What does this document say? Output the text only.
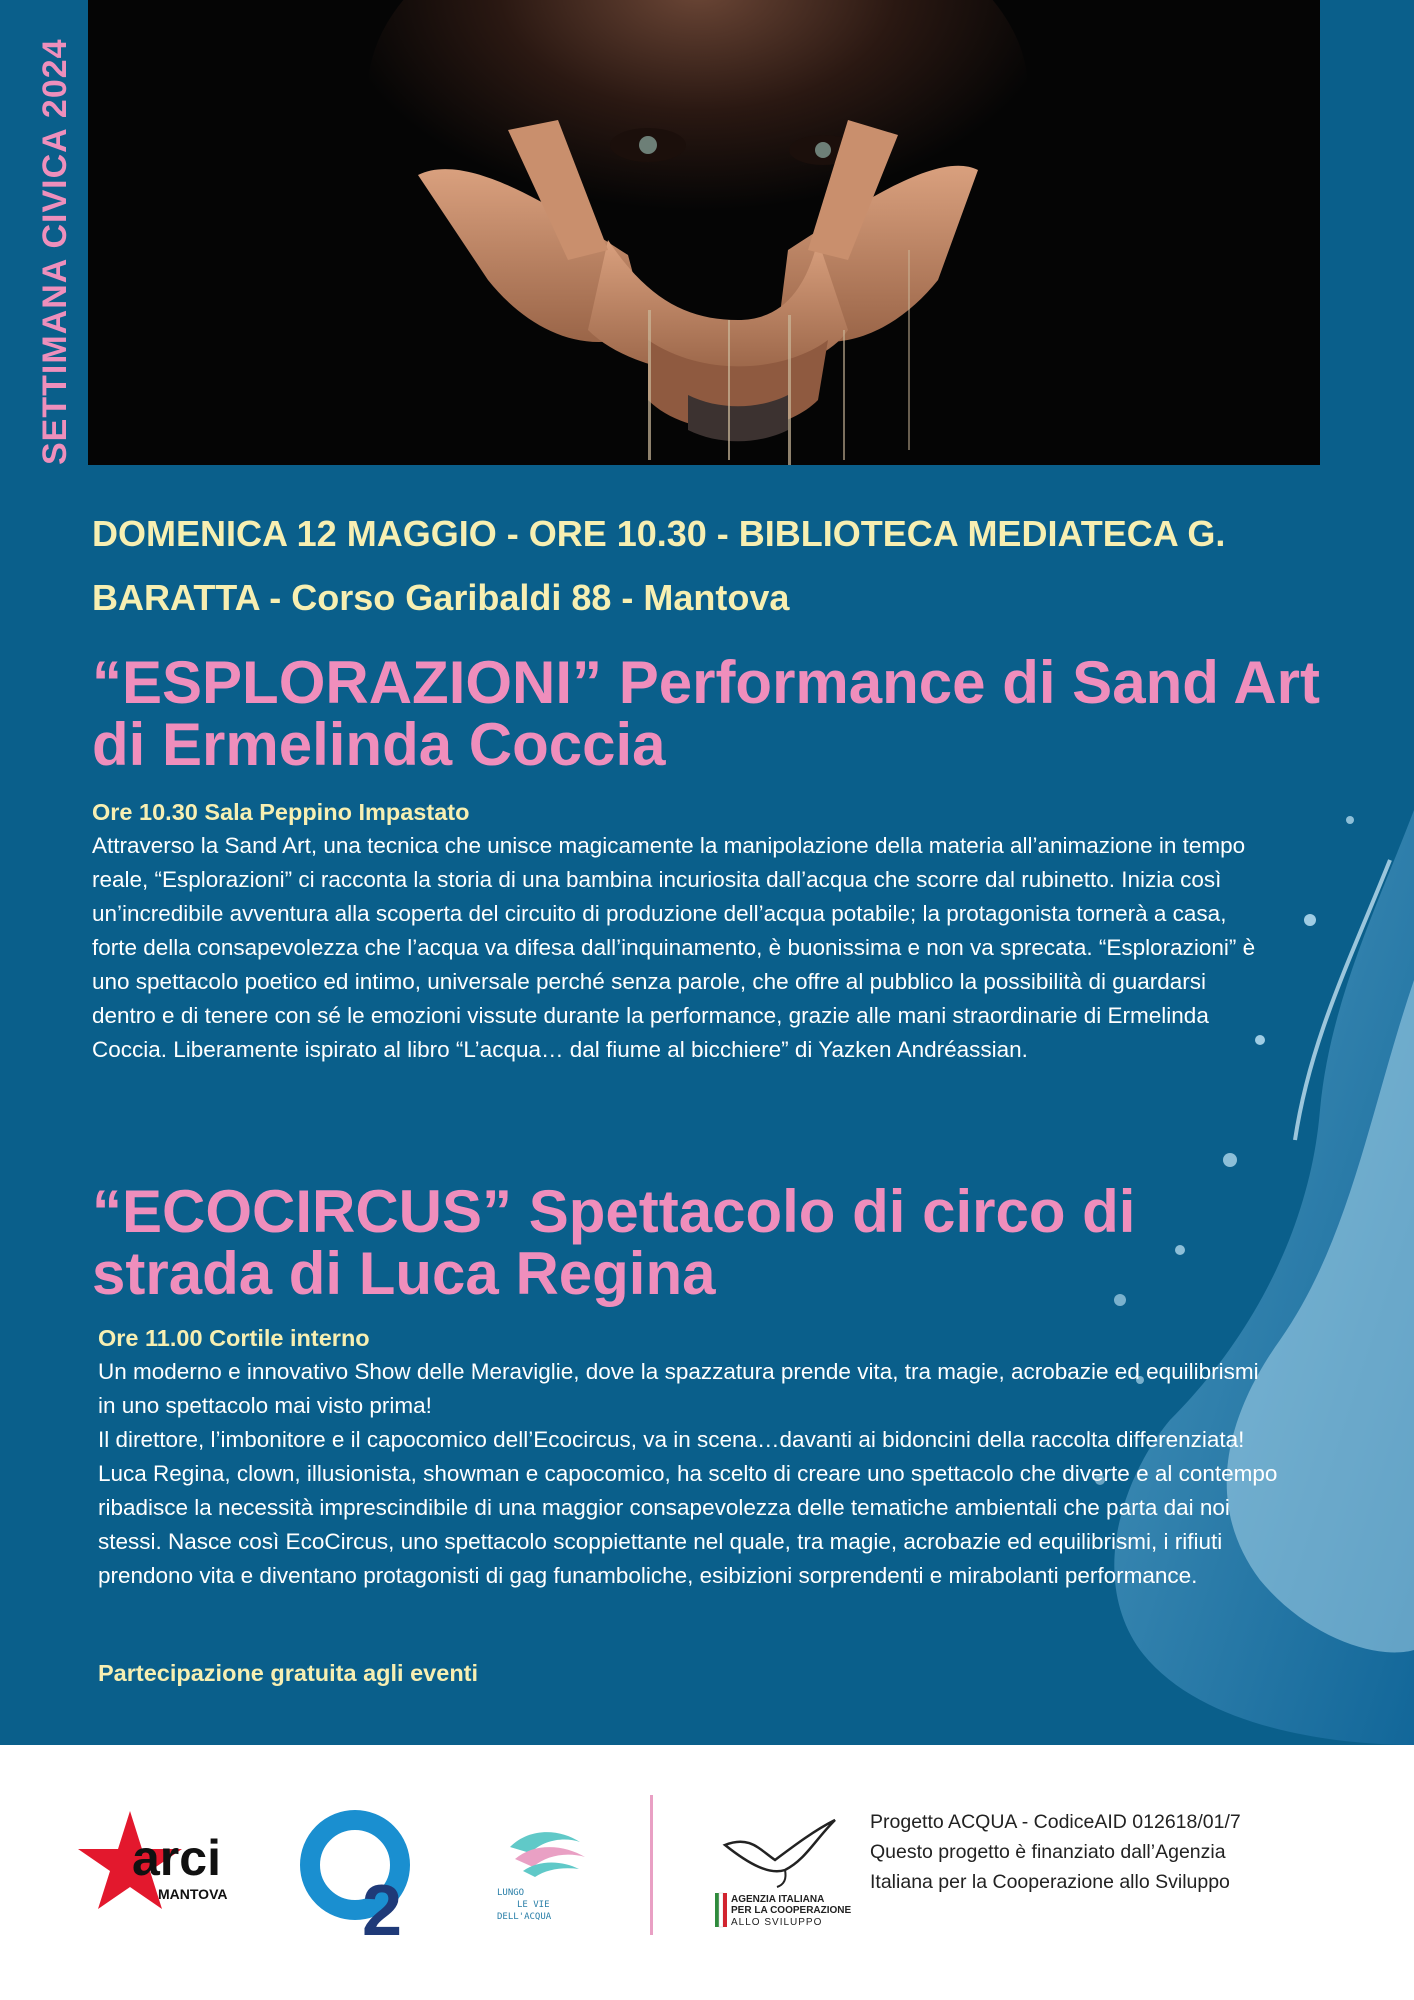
SETTIMANA CIVICA 2024
DOMENICA 12 MAGGIO - ORE 10.30 - BIBLIOTECA MEDIATECA G. BARATTA - Corso Garibaldi 88 - Mantova
“ESPLORAZIONI” Performance di Sand Art di Ermelinda Coccia
Ore 10.30 Sala Peppino Impastato
Attraverso la Sand Art, una tecnica che unisce magicamente la manipolazione della materia all’animazione in tempo reale, “Esplorazioni” ci racconta la storia di una bambina incuriosita dall’acqua che scorre dal rubinetto. Inizia così un’incredibile avventura alla scoperta del circuito di produzione dell’acqua potabile; la protagonista tornerà a casa, forte della consapevolezza che l’acqua va difesa dall’inquinamento, è buonissima e non va sprecata. “Esplorazioni” è uno spettacolo poetico ed intimo, universale perché senza parole, che offre al pubblico la possibilità di guardarsi dentro e di tenere con sé le emozioni vissute durante la performance, grazie alle mani straordinarie di Ermelinda Coccia. Liberamente ispirato al libro “L’acqua… dal fiume al bicchiere” di Yazken Andréassian.
“ECOCIRCUS” Spettacolo di circo di strada di Luca Regina
Ore 11.00 Cortile interno
Un moderno e innovativo Show delle Meraviglie, dove la spazzatura prende vita, tra magie, acrobazie ed equilibrismi in uno spettacolo mai visto prima!
Il direttore, l’imbonitore e il capocomico dell’Ecocircus, va in scena…davanti ai bidoncini della raccolta differenziata! Luca Regina, clown, illusionista, showman e capocomico, ha scelto di creare uno spettacolo che diverte e al contempo ribadisce la necessità imprescindibile di una maggior consapevolezza delle tematiche ambientali che parta dai noi stessi. Nasce così EcoCircus, uno spettacolo scoppiettante nel quale, tra magie, acrobazie ed equilibrismi, i rifiuti prendono vita e diventano protagonisti di gag funamboliche, esibizioni sorprendenti e mirabolanti performance.
Partecipazione gratuita agli eventi
arci
MANTOVA 2	LUNGO
LE VIE
DELL'ACQUA
AGENZIA ITALIANA
PER LA COOPERAZIONE
ALLO SVILUPPO
Progetto ACQUA - CodiceAID 012618/01/7
Questo progetto è finanziato dall’Agenzia
Italiana per la Cooperazione allo Sviluppo
